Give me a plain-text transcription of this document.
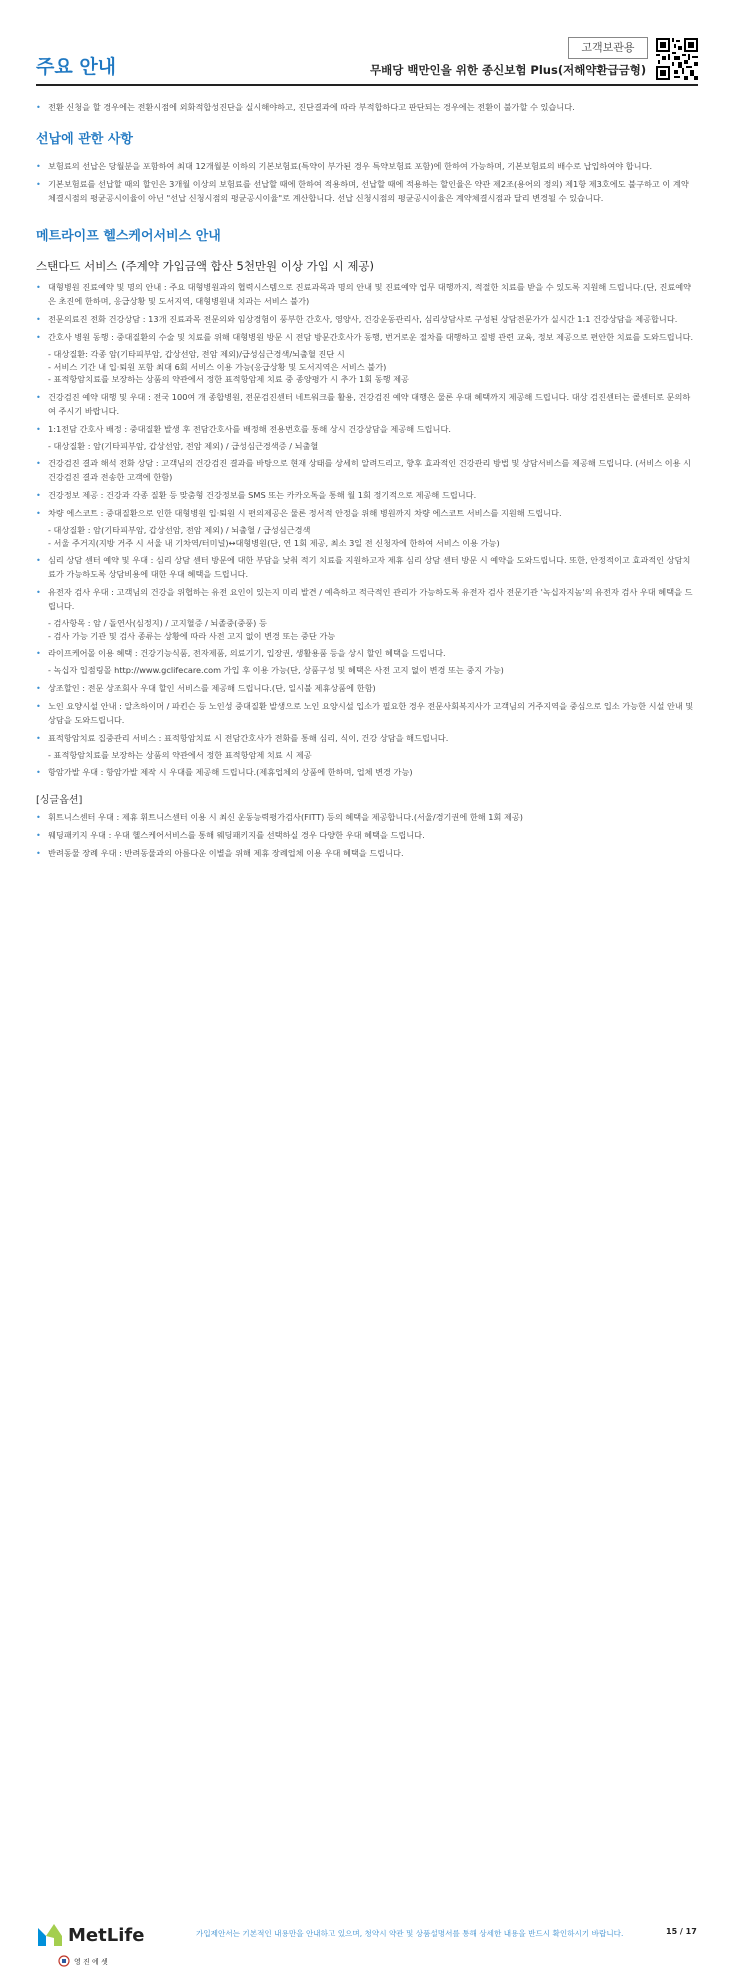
주요 안내
고객보관용
무배당 백만인을 위한 종신보험 Plus(저해약환급금형)
• 전환 신청을 할 경우에는 전환시점에 외화적합성진단을 실시해야하고, 진단결과에 따라 부적합하다고 판단되는 경우에는 전환이 불가할 수 있습니다.
선납에 관한 사항
• 보험료의 선납은 당월분을 포함하여 최대 12개월분 이하의 기본보험료(특약이 부가된 경우 특약보험료 포함)에 한하여 가능하며, 기본보험료의 배수로 납입하여야 합니다.
• 기본보험료를 선납할 때의 할인은 3개월 이상의 보험료를 선납할 때에 한하여 적용하며, 선납할 때에 적용하는 할인율은 약관 제2조(용어의 정의) 제1항 제3호에도 불구하고 이 계약 체결시점의 평균공시이율이 아닌 "선납 신청시점의 평균공시이율"로 계산합니다. 선납 신청시점의 평균공시이율은 계약체결시점과 달리 변경될 수 있습니다.
메트라이프 헬스케어서비스 안내
스탠다드 서비스 (주계약 가입금액 합산 5천만원 이상 가입 시 제공)
• 대형병원 진료예약 및 명의 안내 : 주요 대형병원과의 협력시스템으로 진료과목과 명의 안내 및 진료예약 업무 대행까지, 적절한 치료를 받을 수 있도록 지원해 드립니다.(단, 진료예약은 초진에 한하며, 응급상황 및 도서지역, 대형병원내 치과는 서비스 불가)
• 전문의료진 전화 건강상담 : 13개 진료과목 전문의와 임상경험이 풍부한 간호사, 영양사, 건강운동관리사, 심리상담사로 구성된 상담전문가가 실시간 1:1 건강상담을 제공합니다.
• 간호사 병원 동행 : 중대질환의 수술 및 치료를 위해 대형병원 방문 시 전담 방문간호사가 동행, 번거로운 절차를 대행하고 질병 관련 교육, 정보 제공으로 편안한 치료를 도와드립니다.
- 대상질환: 각종 암(기타피부암, 갑상선암, 전암 제외)/급성심근경색/뇌출혈 진단 시
- 서비스 기간 내 입·퇴원 포함 최대 6회 서비스 이용 가능(응급상황 및 도서지역은 서비스 불가)
- 표적항암치료를 보장하는 상품의 약관에서 정한 표적항암제 치료 중 종양평가 시 추가 1회 동행 제공
• 건강검진 예약 대행 및 우대 : 전국 100여 개 종합병원, 전문검진센터 네트워크를 활용, 건강검진 예약 대행은 물론 우대 혜택까지 제공해 드립니다. 대상 검진센터는 콜센터로 문의하여 주시기 바랍니다.
• 1:1전담 간호사 배정 : 중대질환 발생 후 전담간호사를 배정해 전용번호를 통해 상시 건강상담을 제공해 드립니다.
- 대상질환 : 암(기타피부암, 갑상선암, 전암 제외) / 급성심근경색증 / 뇌출혈
• 건강검진 결과 해석 전화 상담 : 고객님의 건강검진 결과를 바탕으로 현재 상태를 상세히 알려드리고, 향후 효과적인 건강관리 방법 및 상담서비스를 제공해 드립니다. (서비스 이용 시 건강검진 결과 전송한 고객에 한함)
• 건강정보 제공 : 건강과 각종 질환 등 맞춤형 건강정보를 SMS 또는 카카오톡을 통해 월 1회 정기적으로 제공해 드립니다.
• 차량 에스코트 : 중대질환으로 인한 대형병원 입·퇴원 시 편의제공은 물론 정서적 안정을 위해 병원까지 차량 에스코트 서비스를 지원해 드립니다.
- 대상질환 : 암(기타피부암, 갑상선암, 전암 제외) / 뇌출혈 / 급성심근경색
- 서울 주거지(지방 거주 시 서울 내 기차역/터미널)↔대형병원(단, 연 1회 제공, 최소 3일 전 신청자에 한하여 서비스 이용 가능)
• 심리 상담 센터 예약 및 우대 : 심리 상담 센터 방문에 대한 부담을 낮춰 적기 치료를 지원하고자 제휴 심리 상담 센터 방문 시 예약을 도와드립니다. 또한, 안정적이고 효과적인 상담치료가 가능하도록 상담비용에 대한 우대 혜택을 드립니다.
• 유전자 검사 우대 : 고객님의 건강을 위협하는 유전 요인이 있는지 미리 발견 / 예측하고 적극적인 관리가 가능하도록 유전자 검사 전문기관 '녹십자지놈'의 유전자 검사 우대 혜택을 드립니다.
- 검사항목 : 암 / 돌연사(심정지) / 고지혈증 / 뇌졸중(중풍) 등
- 검사 가능 기관 및 검사 종류는 상황에 따라 사전 고지 없이 변경 또는 중단 가능
• 라이프케어몰 이용 혜택 : 건강기능식품, 전자제품, 의료기기, 입장권, 생활용품 등을 상시 할인 혜택을 드립니다.
- 녹십자 입점링몰 http://www.gclifecare.com 가입 후 이용 가능(단, 상품구성 및 혜택은 사전 고지 없이 변경 또는 중지 가능)
• 상조할인 : 전문 상조회사 우대 할인 서비스를 제공해 드립니다.(단, 일시불 제휴상품에 한함)
• 노인 요양시설 안내 : 알츠하이머 / 파킨슨 등 노인성 중대질환 발생으로 노인 요양시설 입소가 필요한 경우 전문사회복지사가 고객님의 거주지역을 중심으로 입소 가능한 시설 안내 및 상담을 도와드립니다.
• 표적항암치료 집중관리 서비스 : 표적항암치료 시 전담간호사가 전화를 통해 심리, 식이, 건강 상담을 해드립니다.
- 표적항암치료를 보장하는 상품의 약관에서 정한 표적항암제 치료 시 제공
• 항암가발 우대 : 항암가발 제작 시 우대를 제공해 드립니다.(제휴업체의 상품에 한하며, 업체 변경 가능)
[싱글옵션]
• 휘트니스센터 우대 : 제휴 휘트니스센터 이용 시 최신 운동능력평가검사(FITT) 등의 혜택을 제공합니다.(서울/경기권에 한해 1회 제공)
• 웨딩패키지 우대 : 우대 헬스케어서비스를 통해 웨딩패키지를 선택하실 경우 다양한 우대 혜택을 드립니다.
• 반려동물 장례 우대 : 반려동물과의 아름다운 이별을 위해 제휴 장례업체 이용 우대 혜택을 드립니다.
MetLife	가입제안서는 기본적인 내용만을 안내하고 있으며, 청약시 약관 및 상품설명서를 통해 상세한 내용을 반드시 확인하시기 바랍니다.	15 / 17
영 진 에 셋
